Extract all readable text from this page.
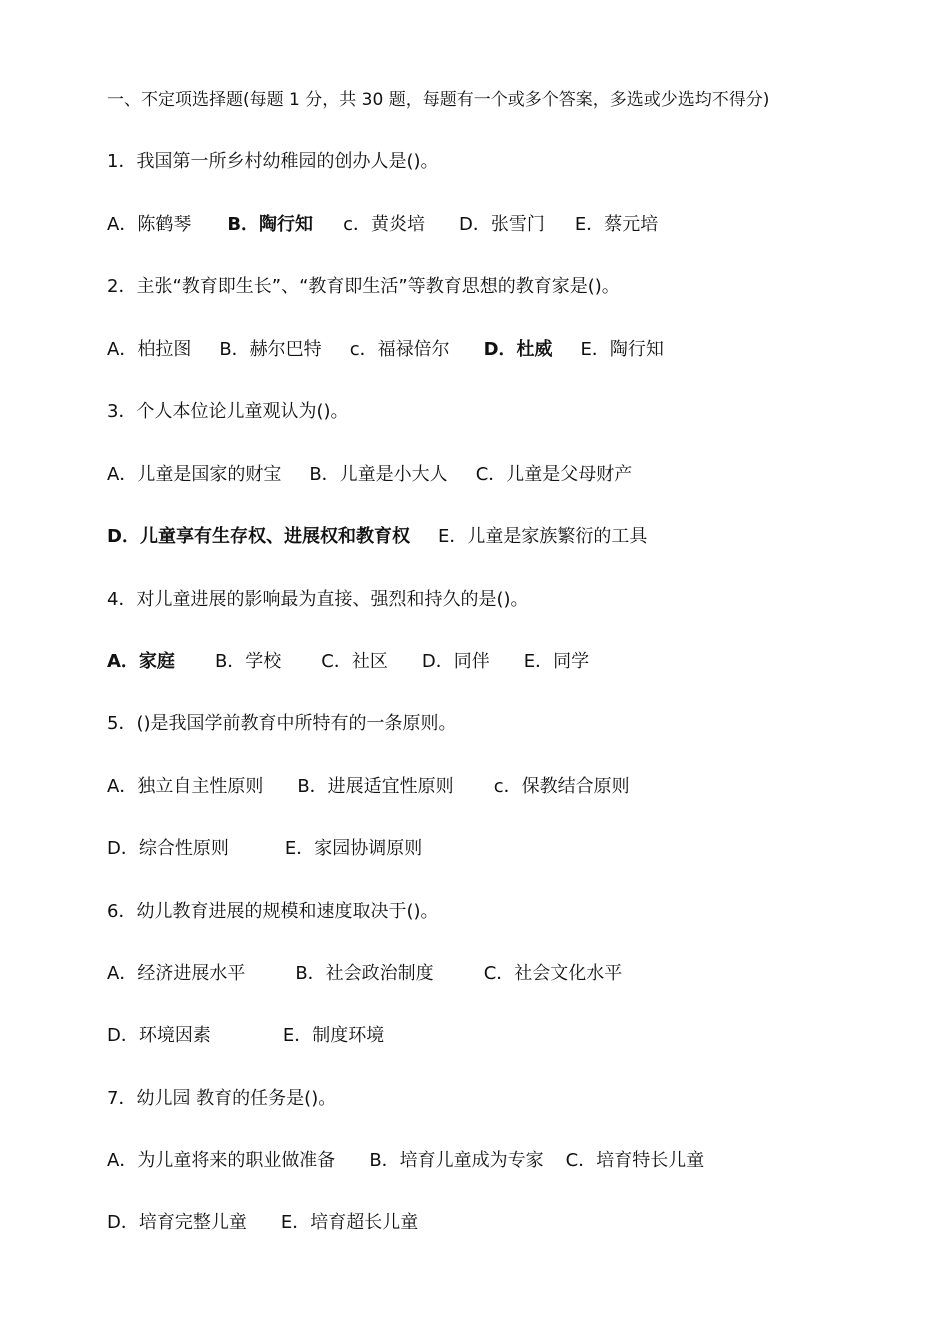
一、不定项选择题(每题 1 分，共 30 题，每题有一个或多个答案，多选或少选均不得分)
1．我国第一所乡村幼稚园的创办人是()。
A．陈鹤琴 B．陶行知 c．黄炎培 D．张雪门 E．蔡元培
2．主张“教育即生长”、“教育即生活”等教育思想的教育家是()。
A．柏拉图 B．赫尔巴特 c．福禄倍尔 D．杜威 E．陶行知
3．个人本位论儿童观认为()。
A．儿童是国家的财宝 B．儿童是小大人 C．儿童是父母财产
D．儿童享有生存权、进展权和教育权 E．儿童是家族繁衍的工具
4．对儿童进展的影响最为直接、强烈和持久的是()。
A．家庭 B．学校 C．社区 D．同伴 E．同学
5．()是我国学前教育中所特有的一条原则。
A．独立自主性原则 B．进展适宜性原则 c．保教结合原则
D．综合性原则	E．家园协调原则
6．幼儿教育进展的规模和速度取决于()。
A．经济进展水平	B．社会政治制度	C．社会文化水平
D．环境因素	E．制度环境
7．幼儿园 教育的任务是()。
A．为儿童将来的职业做准备 B．培育儿童成为专家 C．培育特长儿童
D．培育完整儿童 E．培育超长儿童
